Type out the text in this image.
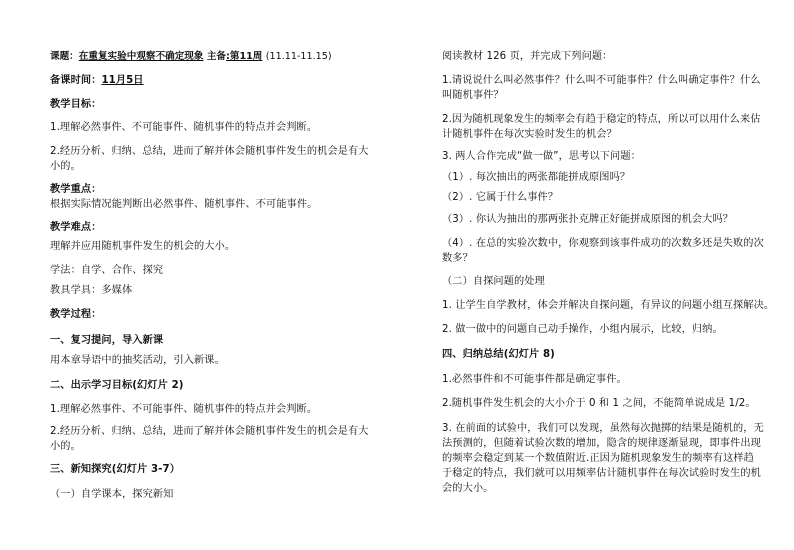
课题：在重复实验中观察不确定现象 主备:第11周 (11.11-11.15)
备课时间：11月5日
教学目标：
1.理解必然事件、不可能事件、随机事件的特点并会判断。
2.经历分析、归纳、总结，进而了解并体会随机事件发生的机会是有大
小的。
教学重点：
根据实际情况能判断出必然事件、随机事件、不可能事件。
教学难点：
理解并应用随机事件发生的机会的大小。
学法：自学、合作、探究
教具学具：多媒体
教学过程：
一、复习提问，导入新课
用本章导语中的抽奖活动，引入新课。
二、出示学习目标(幻灯片 2)
1.理解必然事件、不可能事件、随机事件的特点并会判断。
2.经历分析、归纳、总结，进而了解并体会随机事件发生的机会是有大
小的。
三、新知探究(幻灯片 3-7）
（一）自学课本，探究新知
阅读教材 126 页，并完成下列问题：
1.请说说什么叫必然事件？什么叫不可能事件？什么叫确定事件？什么
叫随机事件？
2.因为随机现象发生的频率会有趋于稳定的特点，所以可以用什么来估
计随机事件在每次实验时发生的机会？
3. 两人合作完成“做一做”，思考以下问题：
（1）. 每次抽出的两张都能拼成原图吗？
（2）. 它属于什么事件？
（3）. 你认为抽出的那两张扑克牌正好能拼成原图的机会大吗？
（4）. 在总的实验次数中，你观察到该事件成功的次数多还是失败的次
数多？
（二）自探问题的处理
1. 让学生自学教材，体会并解决自探问题，有异议的问题小组互探解决。
2. 做一做中的问题自己动手操作，小组内展示，比较，归纳。
四、归纳总结(幻灯片 8)
1.必然事件和不可能事件都是确定事件。
2.随机事件发生机会的大小介于 0 和 1 之间，不能简单说成是 1/2。
3. 在前面的试验中，我们可以发现，虽然每次抛掷的结果是随机的，无
法预测的，但随着试验次数的增加，隐含的规律逐渐显现，即事件出现
的频率会稳定到某一个数值附近.正因为随机现象发生的频率有这样趋
于稳定的特点，我们就可以用频率估计随机事件在每次试验时发生的机
会的大小。
